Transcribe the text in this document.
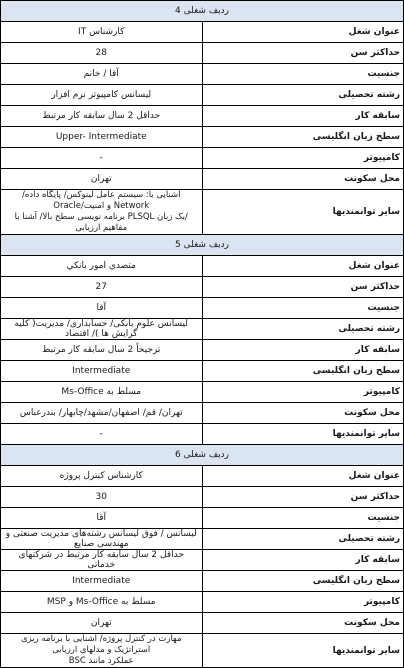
ردیف شغلی 4	
عنوان شغل	کارشناس IT
حداکثر سن	28
جنسیت	آقا / خانم
رشته تحصیلی	لیسانس کامپیوتر نرم افزار
سابقه کار	حداقل 2 سال سابقه کار مرتبط
سطح زبان انگلیسی	Upper- Intermediate
کامپیوتر	-
محل سکونت	تهران
سایر توانمندیها	آشنایی با: سیستم عامل لینوکس/ پایگاه داده/ Network و امنیت/Oracle
/یک زبان PLSQL برنامه نویسی سطح بالا/ آشنا با مفاهیم ارزیابی

ردیف شغلی 5	
عنوان شغل	متصدي امور بانكي
حداکثر سن	27
جنسیت	آقا
رشته تحصیلی	لیسانس علوم بانکی/ حسابداری/ مدیریت( کلیه گرایش ها )/ اقتصاد
سابقه کار	ترجیحاً 2 سال سابقه کار مرتبط
سطح زبان انگلیسی	Intermediate
کامپیوتر	مسلط به Ms-Office
محل سکونت	تهران/ قم/ اصفهان/مشهد/چابهار/ بندرعباس
سایر توانمندیها	-
ردیف شغلی 6	
عنوان شغل	کارشناس کنترل پروژه
حداکثر سن	30
جنسیت	آقا
رشته تحصیلی	لیسانس / فوق لیسانس رشته‌های مدیریت صنعتی و مهندسی صنایع
سابقه کار	حداقل 2 سال سابقه کار مرتبط در شرکتهای خدماتی
سطح زبان انگلیسی	Intermediate
کامپیوتر	مسلط به Ms-Office و MSP
محل سکونت	تهران
سایر توانمندیها	مهارت در کنترل پروژه/ آشنایی با برنامه ریزی استراتژیک و مدلهای ارزیابی
عملکرد مانند BSC
